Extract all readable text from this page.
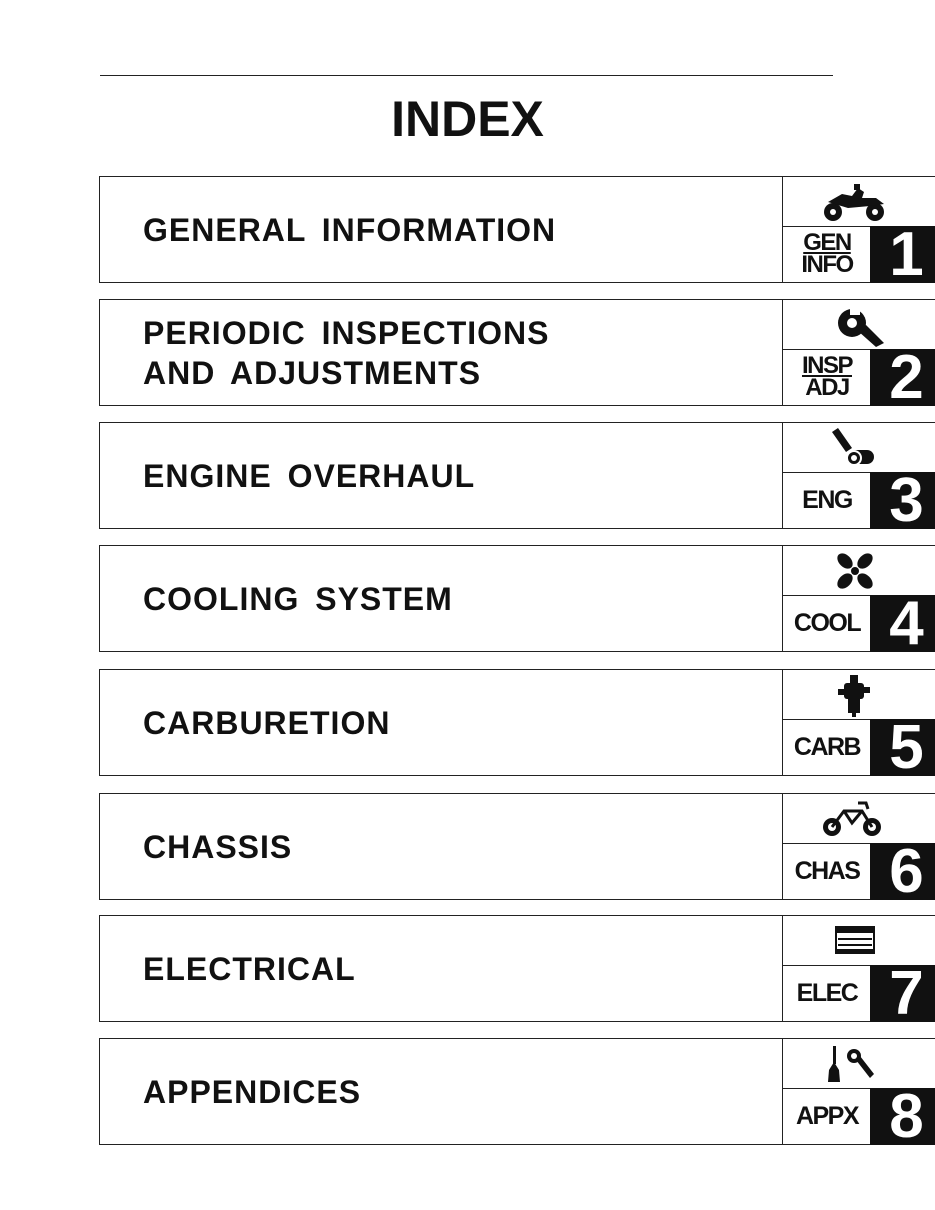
INDEX
GENERAL INFORMATION	GEN
INFO 1
PERIODIC INSPECTIONS
AND ADJUSTMENTS	INSP
ADJ 2
ENGINE OVERHAUL
ENG 3
COOLING SYSTEM
COOL 4
CARBURETION
CARB 5
CHASSIS
CHAS 6
ELECTRICAL
ELEC 7
APPENDICES
APPX 8
